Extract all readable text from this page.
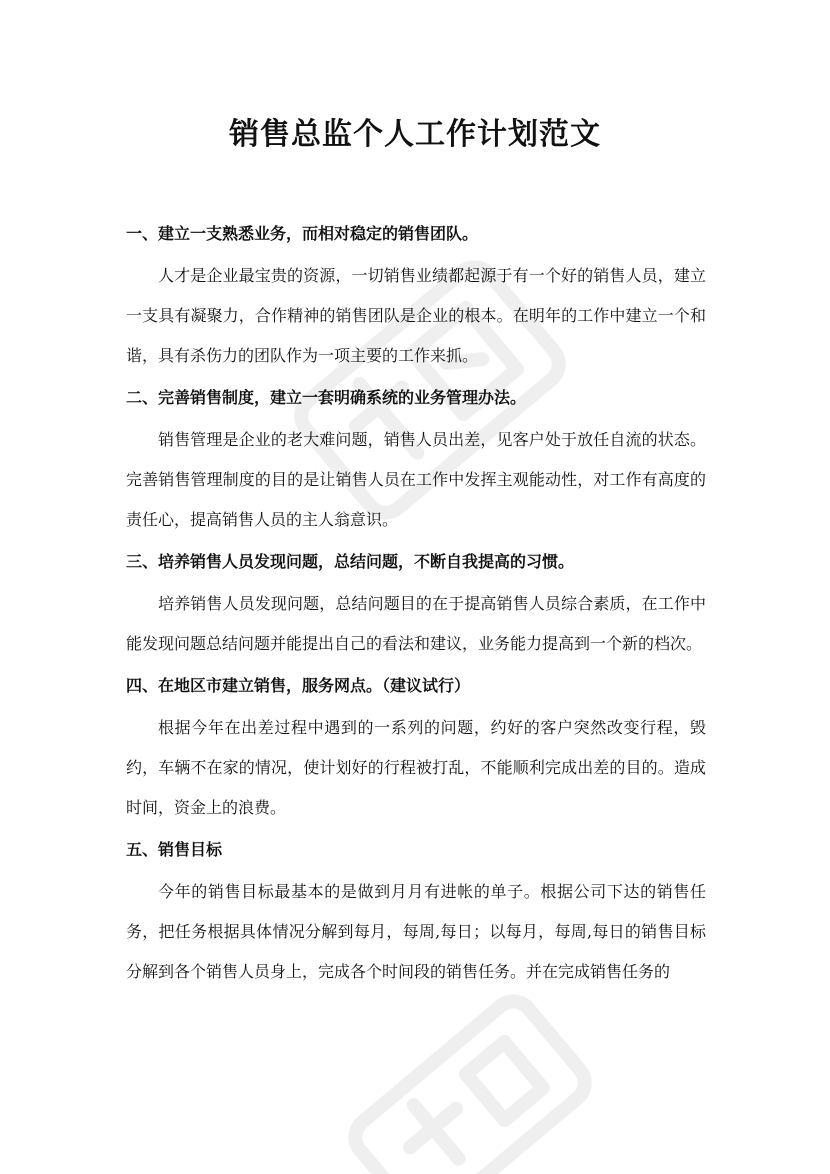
销售总监个人工作计划范文

一、建立一支熟悉业务，而相对稳定的销售团队。

人才是企业最宝贵的资源，一切销售业绩都起源于有一个好的销售人员，建立一支具有凝聚力，合作精神的销售团队是企业的根本。在明年的工作中建立一个和谐，具有杀伤力的团队作为一项主要的工作来抓。

二、完善销售制度，建立一套明确系统的业务管理办法。

销售管理是企业的老大难问题，销售人员出差，见客户处于放任自流的状态。完善销售管理制度的目的是让销售人员在工作中发挥主观能动性，对工作有高度的责任心，提高销售人员的主人翁意识。

三、培养销售人员发现问题，总结问题，不断自我提高的习惯。

培养销售人员发现问题，总结问题目的在于提高销售人员综合素质，在工作中能发现问题总结问题并能提出自己的看法和建议，业务能力提高到一个新的档次。

四、在地区市建立销售，服务网点。（建议试行）

根据今年在出差过程中遇到的一系列的问题，约好的客户突然改变行程，毁约，车辆不在家的情况，使计划好的行程被打乱，不能顺利完成出差的目的。造成时间，资金上的浪费。

五、销售目标

今年的销售目标最基本的是做到月月有进帐的单子。根据公司下达的销售任务，把任务根据具体情况分解到每月，每周,每日；以每月，每周,每日的销售目标分解到各个销售人员身上，完成各个时间段的销售任务。并在完成销售任务的
